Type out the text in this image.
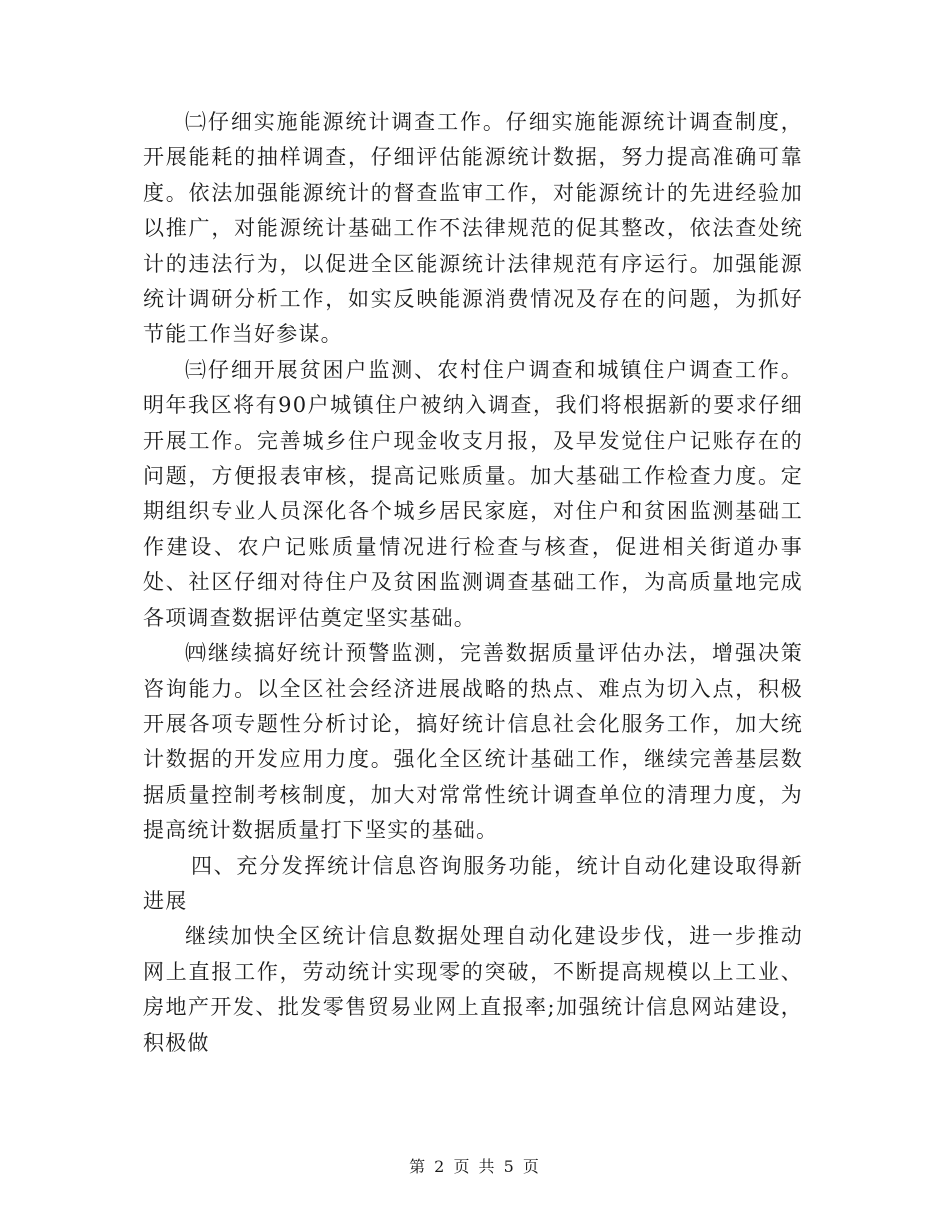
㈡仔细实施能源统计调查工作。仔细实施能源统计调查制度，开展能耗的抽样调查，仔细评估能源统计数据，努力提高准确可靠度。依法加强能源统计的督查监审工作，对能源统计的先进经验加以推广，对能源统计基础工作不法律规范的促其整改，依法查处统计的违法行为，以促进全区能源统计法律规范有序运行。加强能源统计调研分析工作，如实反映能源消费情况及存在的问题，为抓好节能工作当好参谋。

㈢仔细开展贫困户监测、农村住户调查和城镇住户调查工作。明年我区将有90户城镇住户被纳入调查，我们将根据新的要求仔细开展工作。完善城乡住户现金收支月报，及早发觉住户记账存在的问题，方便报表审核，提高记账质量。加大基础工作检查力度。定期组织专业人员深化各个城乡居民家庭，对住户和贫困监测基础工作建设、农户记账质量情况进行检查与核查，促进相关街道办事处、社区仔细对待住户及贫困监测调查基础工作，为高质量地完成各项调查数据评估奠定坚实基础。

㈣继续搞好统计预警监测，完善数据质量评估办法，增强决策咨询能力。以全区社会经济进展战略的热点、难点为切入点，积极开展各项专题性分析讨论，搞好统计信息社会化服务工作，加大统计数据的开发应用力度。强化全区统计基础工作，继续完善基层数据质量控制考核制度，加大对常常性统计调查单位的清理力度，为提高统计数据质量打下坚实的基础。

四、充分发挥统计信息咨询服务功能，统计自动化建设取得新进展

继续加快全区统计信息数据处理自动化建设步伐，进一步推动网上直报工作，劳动统计实现零的突破，不断提高规模以上工业、房地产开发、批发零售贸易业网上直报率;加强统计信息网站建设，积极做

第 2 页 共 5 页
